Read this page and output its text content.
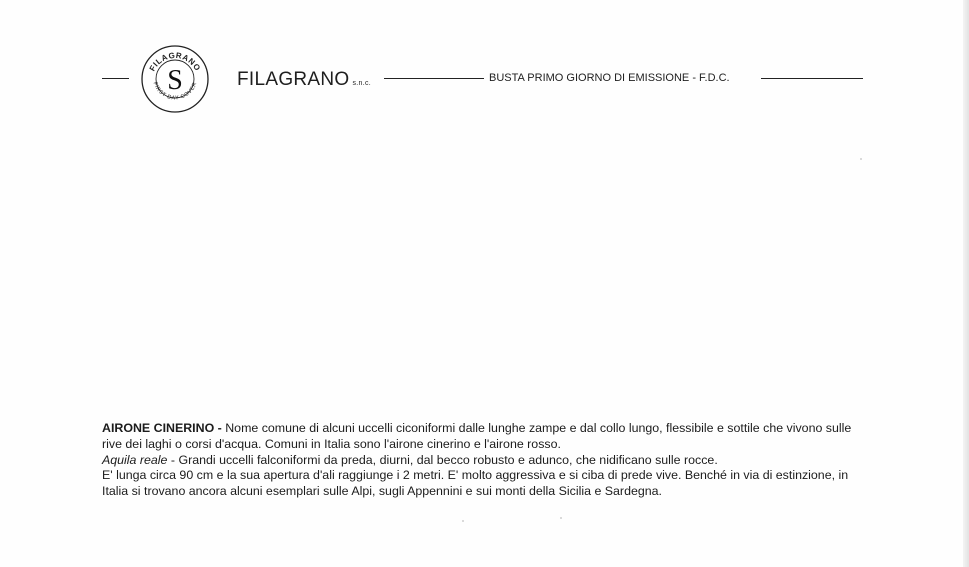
FILAGRANO
FIRST DAY COVER
S	FILAGRANO s.n.c.	BUSTA PRIMO GIORNO DI EMISSIONE - F.D.C.

AIRONE CINERINO - Nome comune di alcuni uccelli ciconiformi dalle lunghe zampe e dal collo lungo, flessibile e sottile che vivono sulle rive dei laghi o corsi d'acqua. Comuni in Italia sono l'airone cinerino e l'airone rosso.

Aquila reale - Grandi uccelli falconiformi da preda, diurni, dal becco robusto e adunco, che nidificano sulle rocce.

E' lunga circa 90 cm e la sua apertura d'ali raggiunge i 2 metri. E' molto aggressiva e si ciba di prede vive. Benché in via di estinzione, in Italia si trovano ancora alcuni esemplari sulle Alpi, sugli Appennini e sui monti della Sicilia e Sardegna.
